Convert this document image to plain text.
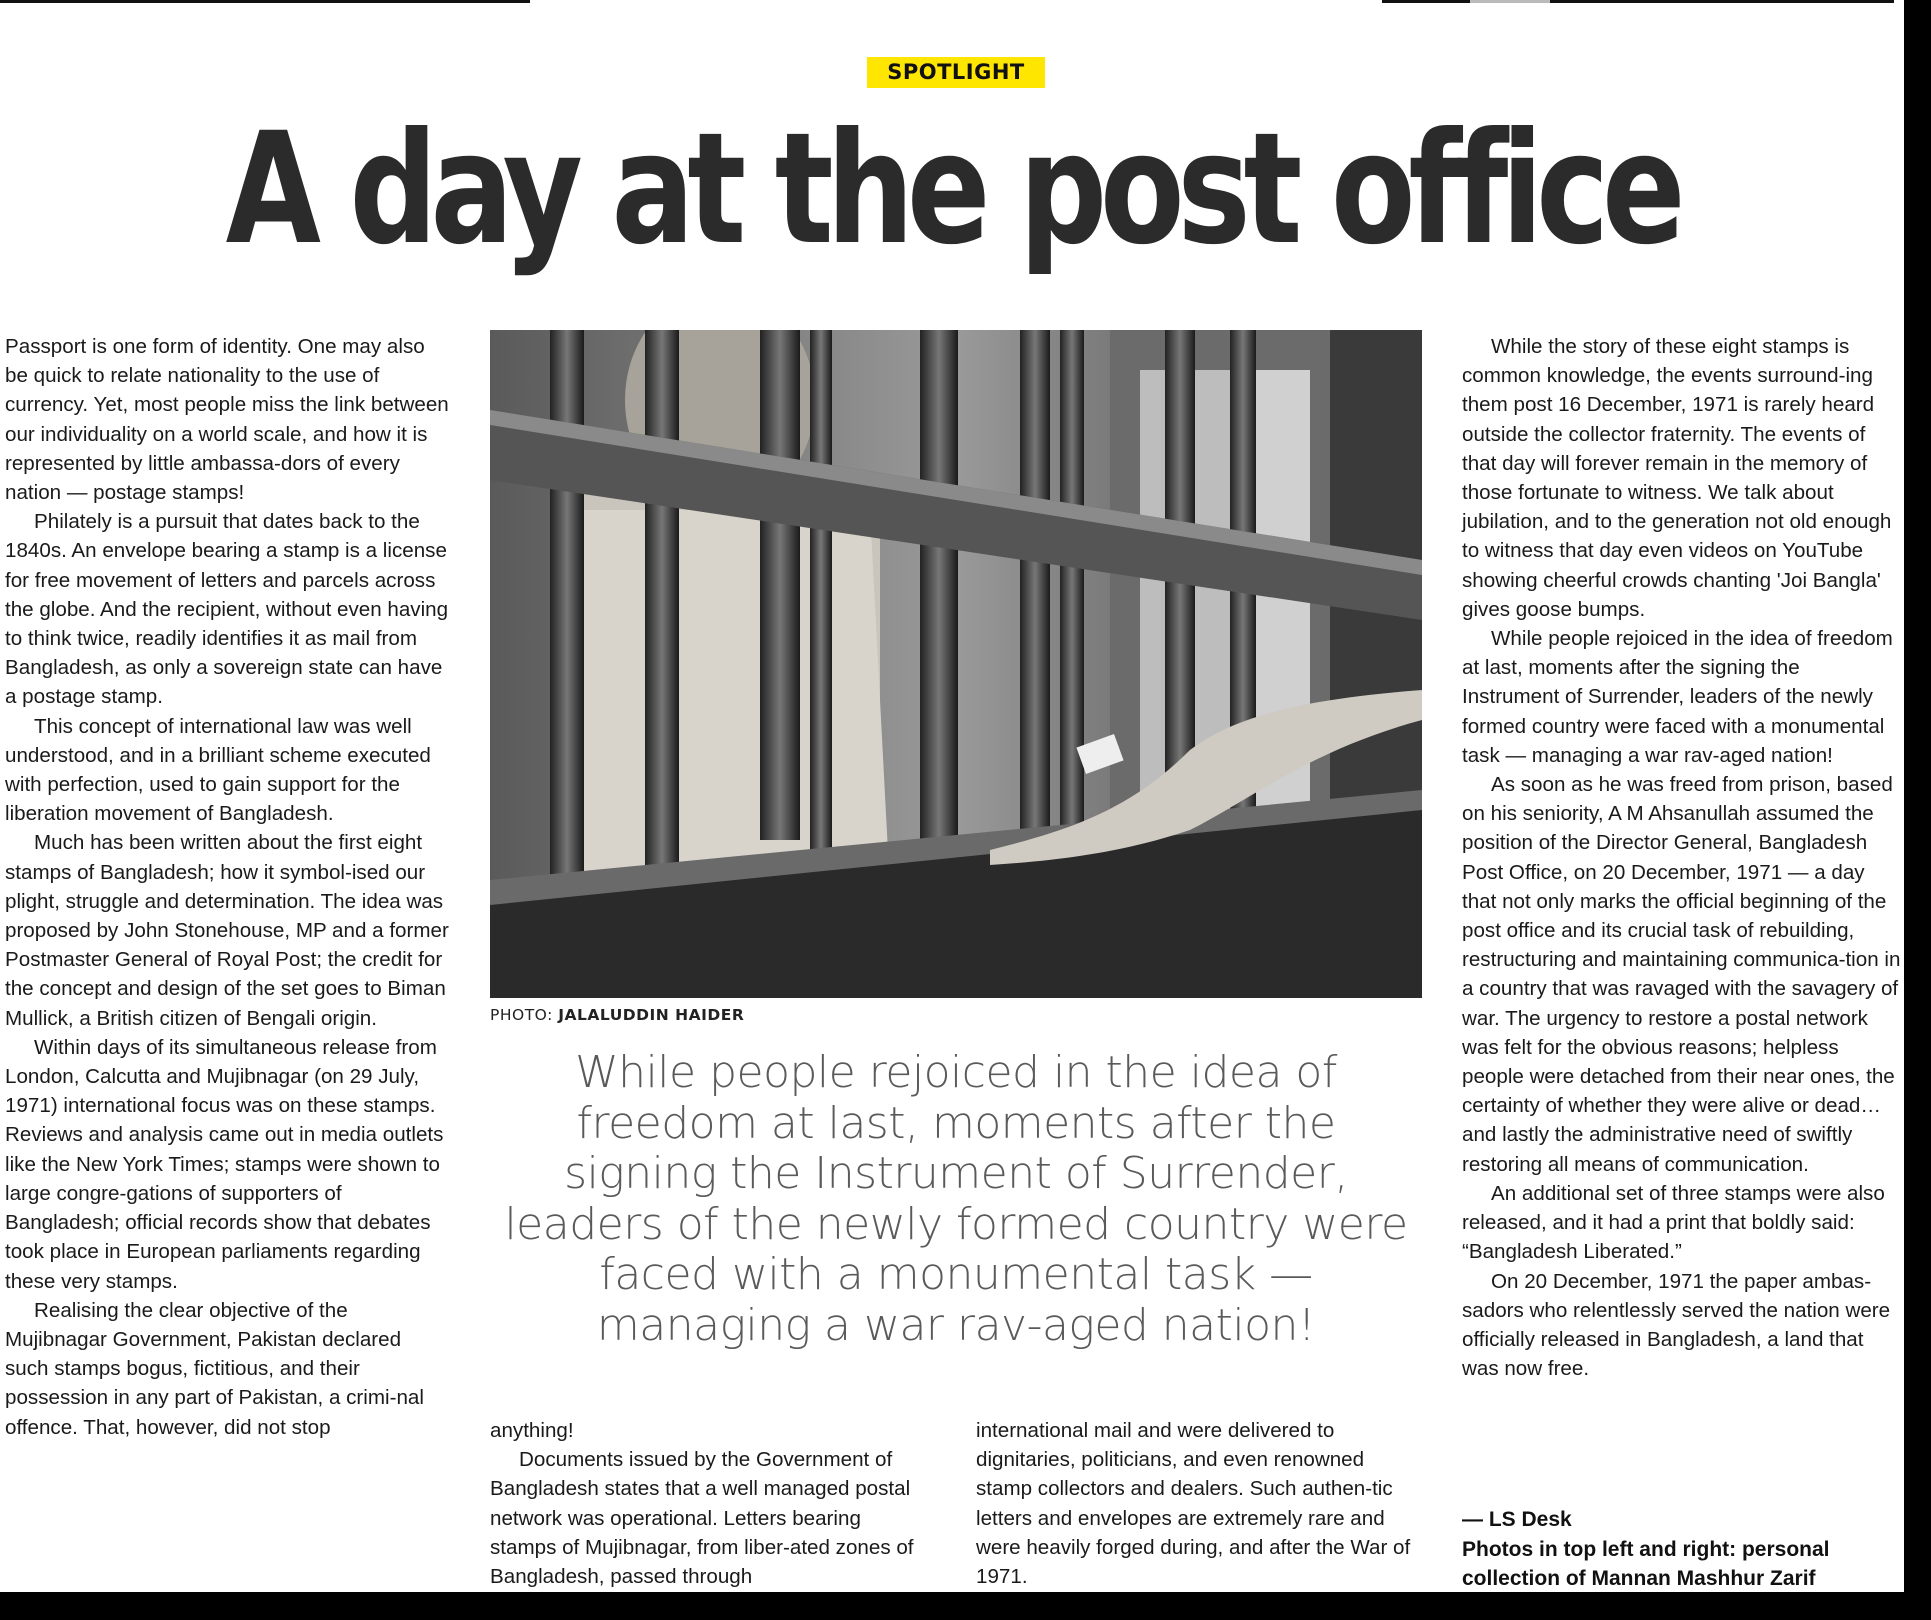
SPOTLIGHT
A day at the post office

Passport is one form of identity. One may also be quick to relate nationality to the use of currency. Yet, most people miss the link between our individuality on a world scale, and how it is represented by little ambassa-dors of every nation — postage stamps!

Philately is a pursuit that dates back to the 1840s. An envelope bearing a stamp is a license for free movement of letters and parcels across the globe. And the recipient, without even having to think twice, readily identifies it as mail from Bangladesh, as only a sovereign state can have a postage stamp.

This concept of international law was well understood, and in a brilliant scheme executed with perfection, used to gain support for the liberation movement of Bangladesh.

Much has been written about the first eight stamps of Bangladesh; how it symbol-ised our plight, struggle and determination. The idea was proposed by John Stonehouse, MP and a former Postmaster General of Royal Post; the credit for the concept and design of the set goes to Biman Mullick, a British citizen of Bengali origin.

Within days of its simultaneous release from London, Calcutta and Mujibnagar (on 29 July, 1971) international focus was on these stamps. Reviews and analysis came out in media outlets like the New York Times; stamps were shown to large congre-gations of supporters of Bangladesh; official records show that debates took place in European parliaments regarding these very stamps.

Realising the clear objective of the Mujibnagar Government, Pakistan declared such stamps bogus, fictitious, and their possession in any part of Pakistan, a crimi-nal offence. That, however, did not stop

PHOTO: JALALUDDIN HAIDER
While people rejoiced in the idea of freedom at last, moments after the signing the Instrument of Surrender, leaders of the newly formed country were faced with a monumental task — managing a war rav-aged nation!

anything!

Documents issued by the Government of Bangladesh states that a well managed postal network was operational. Letters bearing stamps of Mujibnagar, from liber-ated zones of Bangladesh, passed through

international mail and were delivered to dignitaries, politicians, and even renowned stamp collectors and dealers. Such authen-tic letters and envelopes are extremely rare and were heavily forged during, and after the War of 1971.

While the story of these eight stamps is common knowledge, the events surround-ing them post 16 December, 1971 is rarely heard outside the collector fraternity. The events of that day will forever remain in the memory of those fortunate to witness. We talk about jubilation, and to the generation not old enough to witness that day even videos on YouTube showing cheerful crowds chanting 'Joi Bangla' gives goose bumps.

While people rejoiced in the idea of freedom at last, moments after the signing the Instrument of Surrender, leaders of the newly formed country were faced with a monumental task — managing a war rav-aged nation!

As soon as he was freed from prison, based on his seniority, A M Ahsanullah assumed the position of the Director General, Bangladesh Post Office, on 20 December, 1971 — a day that not only marks the official beginning of the post office and its crucial task of rebuilding, restructuring and maintaining communica-tion in a country that was ravaged with the savagery of war. The urgency to restore a postal network was felt for the obvious reasons; helpless people were detached from their near ones, the certainty of whether they were alive or dead…and lastly the administrative need of swiftly restoring all means of communication.

An additional set of three stamps were also released, and it had a print that boldly said: “Bangladesh Liberated.”

On 20 December, 1971 the paper ambas-sadors who relentlessly served the nation were officially released in Bangladesh, a land that was now free.

— LS Desk
Photos in top left and right: personal collection of Mannan Mashhur Zarif
